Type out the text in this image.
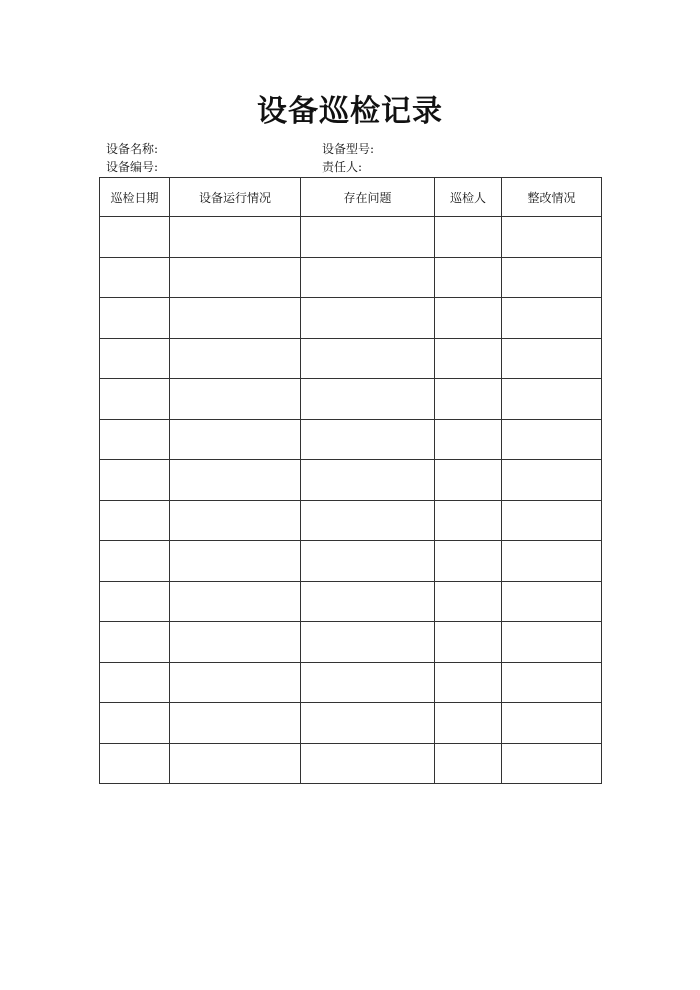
设备巡检记录
设备名称:	设备型号:
设备编号:	责任人:
巡检日期	设备运行情况	存在问题	巡检人	整改情况
